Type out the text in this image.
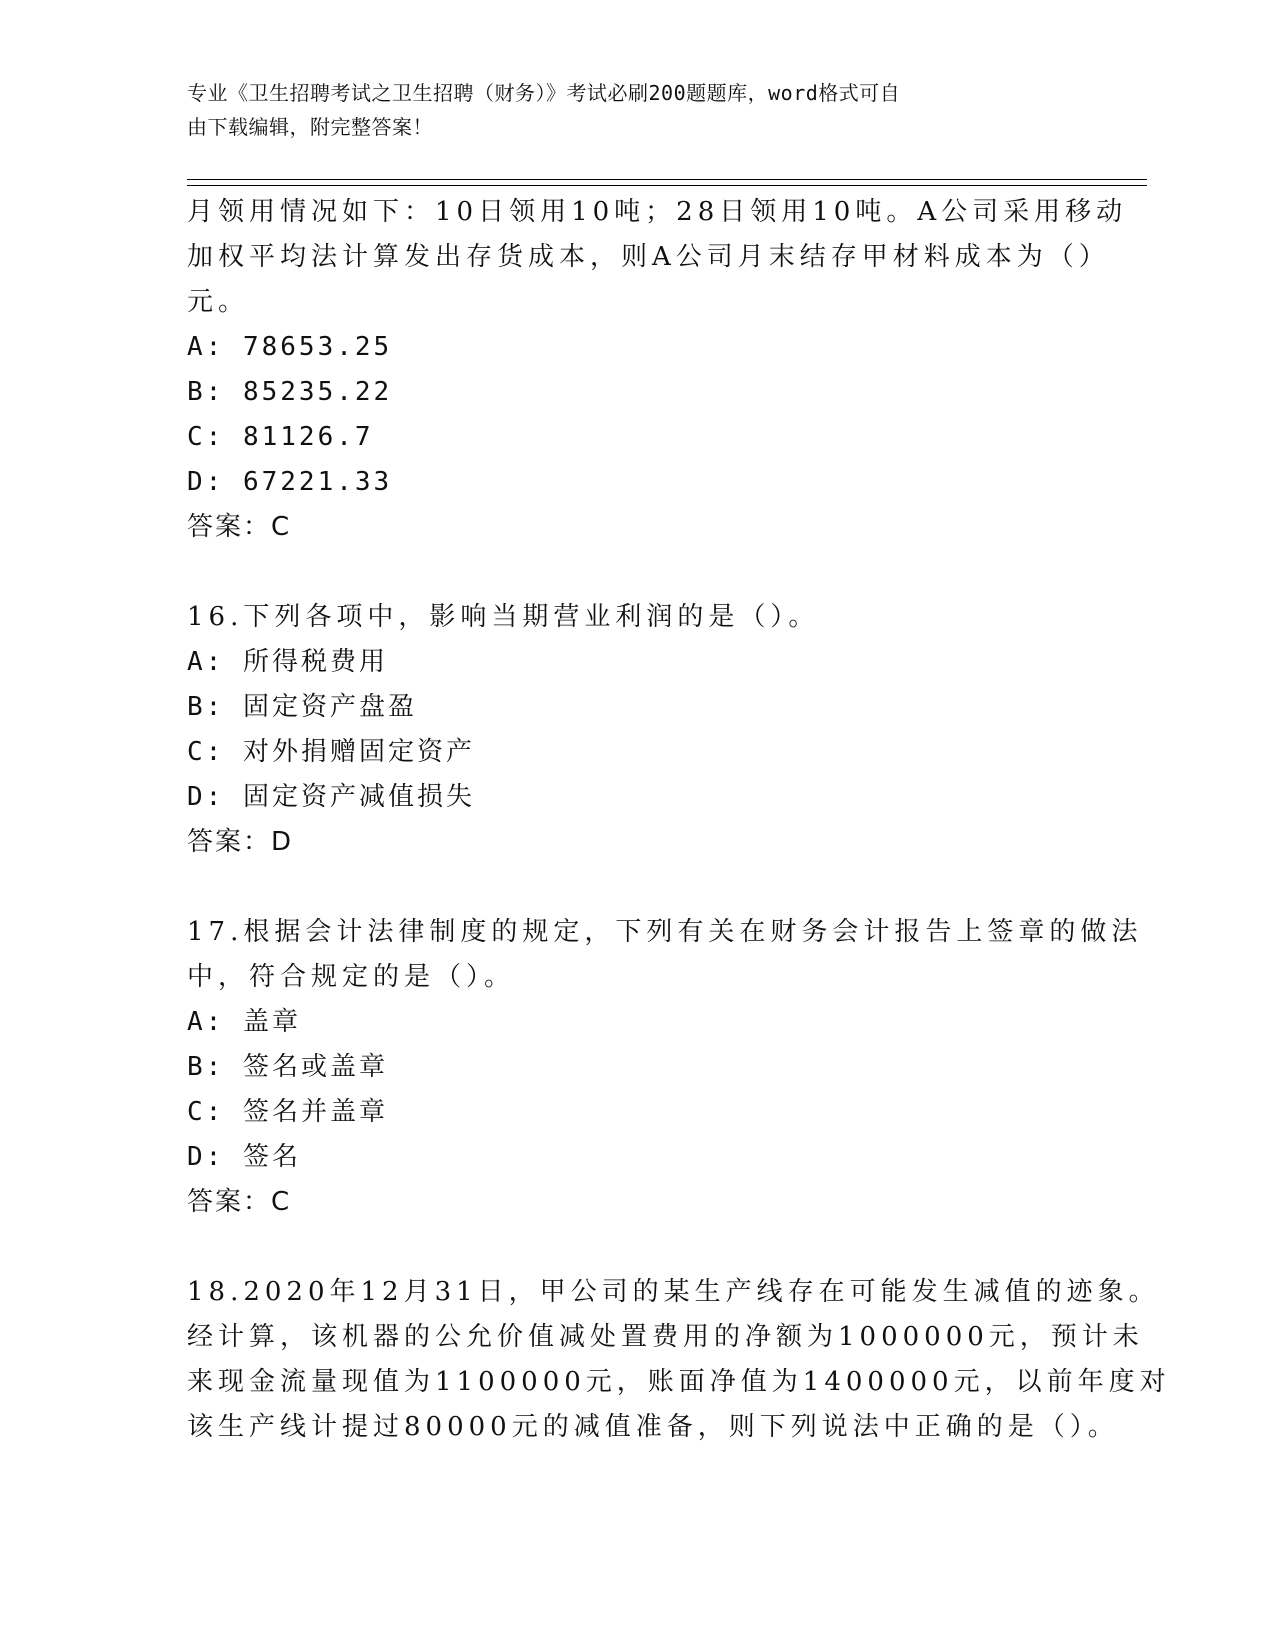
专业《卫生招聘考试之卫生招聘（财务）》考试必刷200题题库，word格式可自
由下载编辑，附完整答案！
月领用情况如下：10日领用10吨；28日领用10吨。A公司采用移动
加权平均法计算发出存货成本，则A公司月末结存甲材料成本为（）
元。
A: 78653.25
B: 85235.22
C: 81126.7
D: 67221.33
答案：C
16.下列各项中，影响当期营业利润的是（）。
A: 所得税费用
B: 固定资产盘盈
C: 对外捐赠固定资产
D: 固定资产减值损失
答案：D
17.根据会计法律制度的规定，下列有关在财务会计报告上签章的做法
中，符合规定的是（）。
A: 盖章
B: 签名或盖章
C: 签名并盖章
D: 签名
答案：C
18.2020年12月31日，甲公司的某生产线存在可能发生减值的迹象。
经计算，该机器的公允价值减处置费用的净额为1000000元，预计未
来现金流量现值为1100000元，账面净值为1400000元，以前年度对
该生产线计提过80000元的减值准备，则下列说法中正确的是（）。
